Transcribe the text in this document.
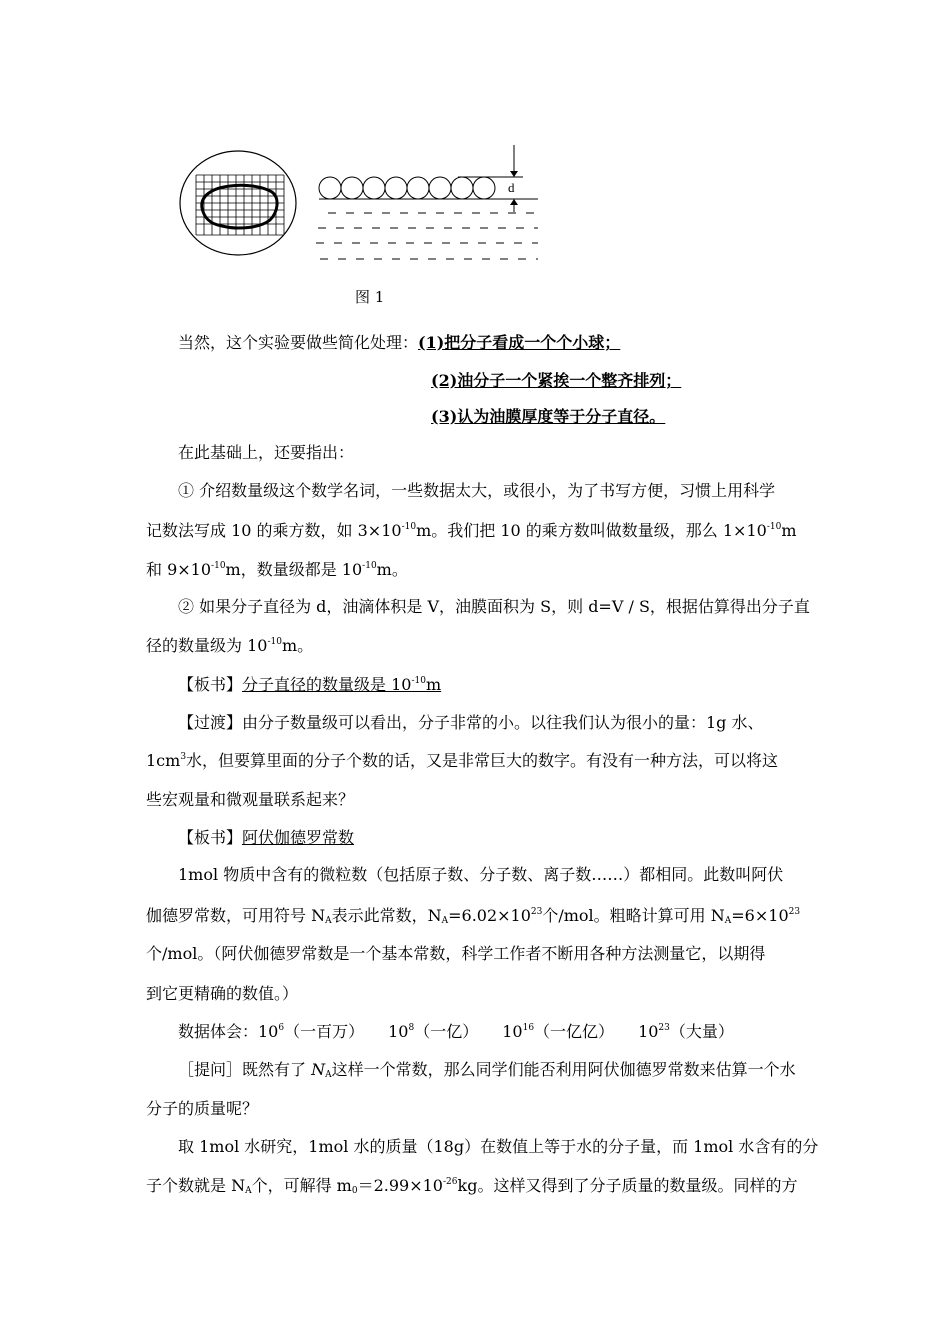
d
图 1
当然，这个实验要做些简化处理：(1)把分子看成一个个小球；
(2)油分子一个紧挨一个整齐排列；
(3)认为油膜厚度等于分子直径。
在此基础上，还要指出：
① 介绍数量级这个数学名词，一些数据太大，或很小，为了书写方便，习惯上用科学
记数法写成 10 的乘方数，如 $3\times 10^{-10}m$。我们把 10 的乘方数叫做数量级，那么 $1\times 10^{-10}m$
和 $9\times 10^{-10}m$，数量级都是 $10^{-10}m$。
② 如果分子直径为 d，油滴体积是 V，油膜面积为 S，则 d=V / S，根据估算得出分子直
径的数量级为 $10^{-10}m$。
【板书】分子直径的数量级是 $10^{-10}m$
【过渡】由分子数量级可以看出，分子非常的小。以往我们认为很小的量：1g 水、
$1cm^3$水，但要算里面的分子个数的话，又是非常巨大的数字。有没有一种方法，可以将这
些宏观量和微观量联系起来？
【板书】阿伏伽德罗常数
1mol 物质中含有的微粒数（包括原子数、分子数、离子数……）都相同。此数叫阿伏
伽德罗常数，可用符号 $N_A$表示此常数，$N_A=6.02\times 10^{23}$个/mol。粗略计算可用 $N_A=6\times 10^{23}$
个/mol。（阿伏伽德罗常数是一个基本常数，科学工作者不断用各种方法测量它，以期得
到它更精确的数值。）
数据体会：$10^6$（一百万） $10^8$（一亿） $10^{16}$（一亿亿） $10^{23}$（大量）
［提问］既然有了 $N_A$这样一个常数，那么同学们能否利用阿伏伽德罗常数来估算一个水
分子的质量呢？
取 1mol 水研究，1mol 水的质量（18g）在数值上等于水的分子量，而 1mol 水含有的分
子个数就是 $N_A$个，可解得 $m_0=2.99\times 10^{-26}kg$。这样又得到了分子质量的数量级。同样的方
